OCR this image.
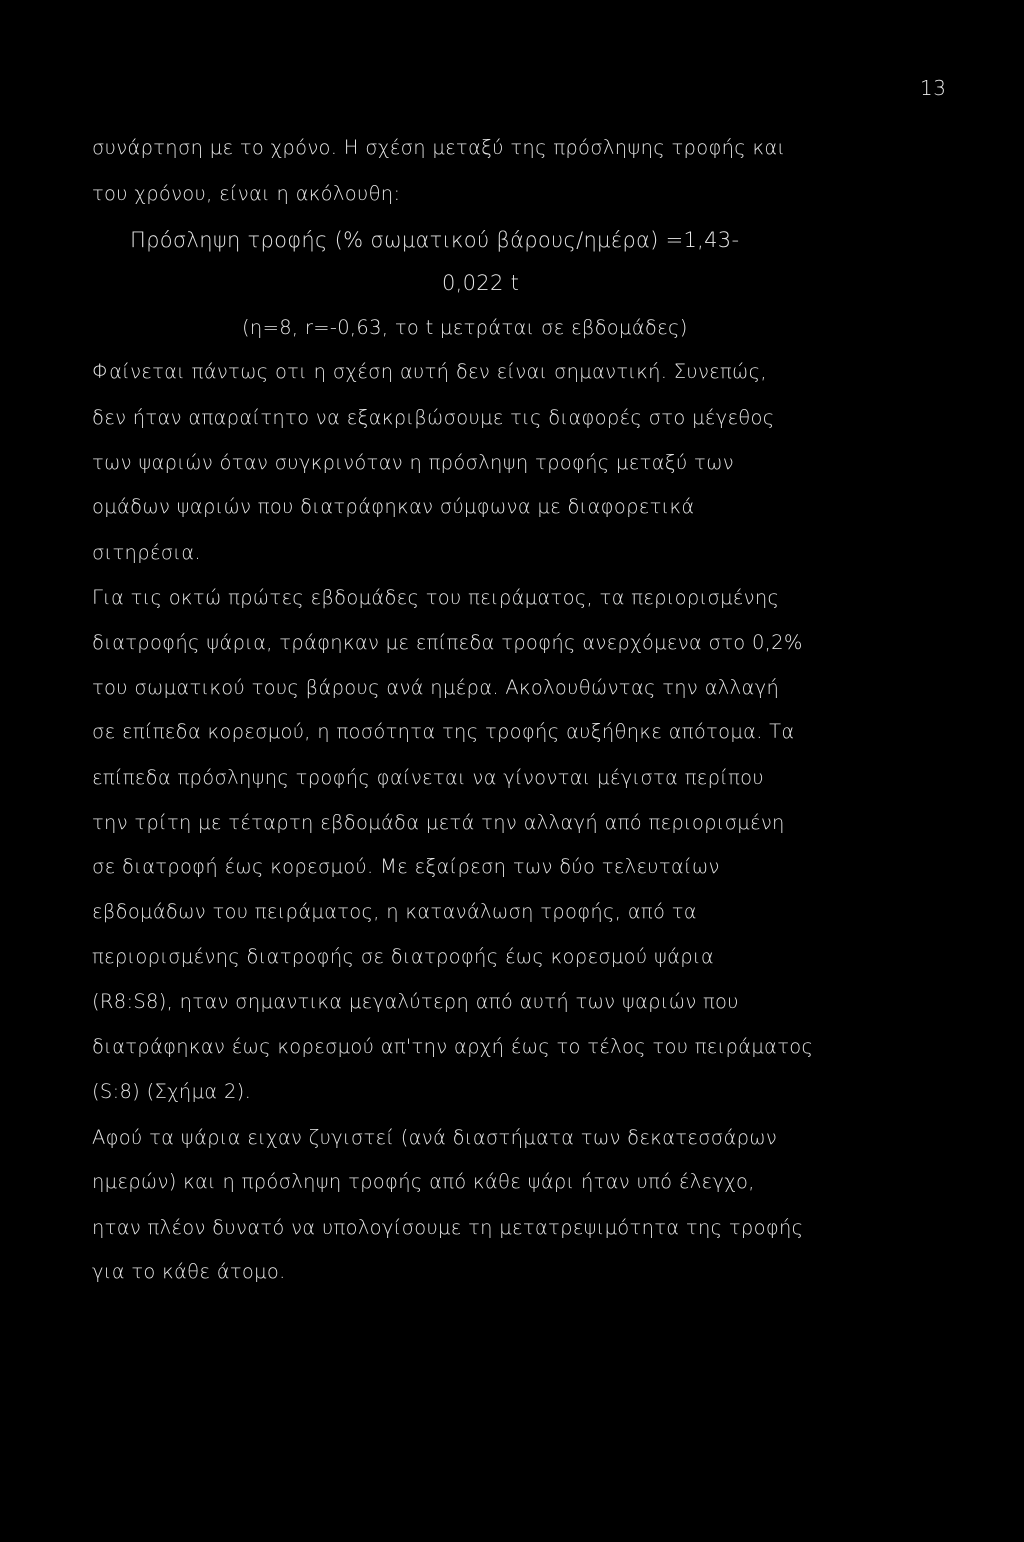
13
συνάρτηση με το χρόνο. Η σχέση μεταξύ της πρόσληψης τροφής και
του χρόνου, είναι η ακόλουθη:
Πρόσληψη τροφής (% σωματικού βάρους/ημέρα) =1,43-
0,022 t
(η=8, r=-0,63, το t μετράται σε εβδομάδες)
Φαίνεται πάντως οτι η σχέση αυτή δεν είναι σημαντική. Συνεπώς,
δεν ήταν απαραίτητο να εξακριβώσουμε τις διαφορές στο μέγεθος
των ψαριών όταν συγκρινόταν η πρόσληψη τροφής μεταξύ των
ομάδων ψαριών που διατράφηκαν σύμφωνα με διαφορετικά
σιτηρέσια.
Για τις οκτώ πρώτες εβδομάδες του πειράματος, τα περιορισμένης
διατροφής ψάρια, τράφηκαν με επίπεδα τροφής ανερχόμενα στο 0,2%
του σωματικού τους βάρους ανά ημέρα. Ακολουθώντας την αλλαγή
σε επίπεδα κορεσμού, η ποσότητα της τροφής αυξήθηκε απότομα. Τα
επίπεδα πρόσληψης τροφής φαίνεται να γίνονται μέγιστα περίπου
την τρίτη με τέταρτη εβδομάδα μετά την αλλαγή από περιορισμένη
σε διατροφή έως κορεσμού. Με εξαίρεση των δύο τελευταίων
εβδομάδων του πειράματος, η κατανάλωση τροφής, από τα
περιορισμένης διατροφής σε διατροφής έως κορεσμού ψάρια
(R8:S8), ηταν σημαντικα μεγαλύτερη από αυτή των ψαριών που
διατράφηκαν έως κορεσμού απ'την αρχή έως το τέλος του πειράματος
(S:8) (Σχήμα 2).
Αφού τα ψάρια ειχαν ζυγιστεί (ανά διαστήματα των δεκατεσσάρων
ημερών) και η πρόσληψη τροφής από κάθε ψάρι ήταν υπό έλεγχο,
ηταν πλέον δυνατό να υπολογίσουμε τη μετατρεψιμότητα της τροφής
για το κάθε άτομο.
